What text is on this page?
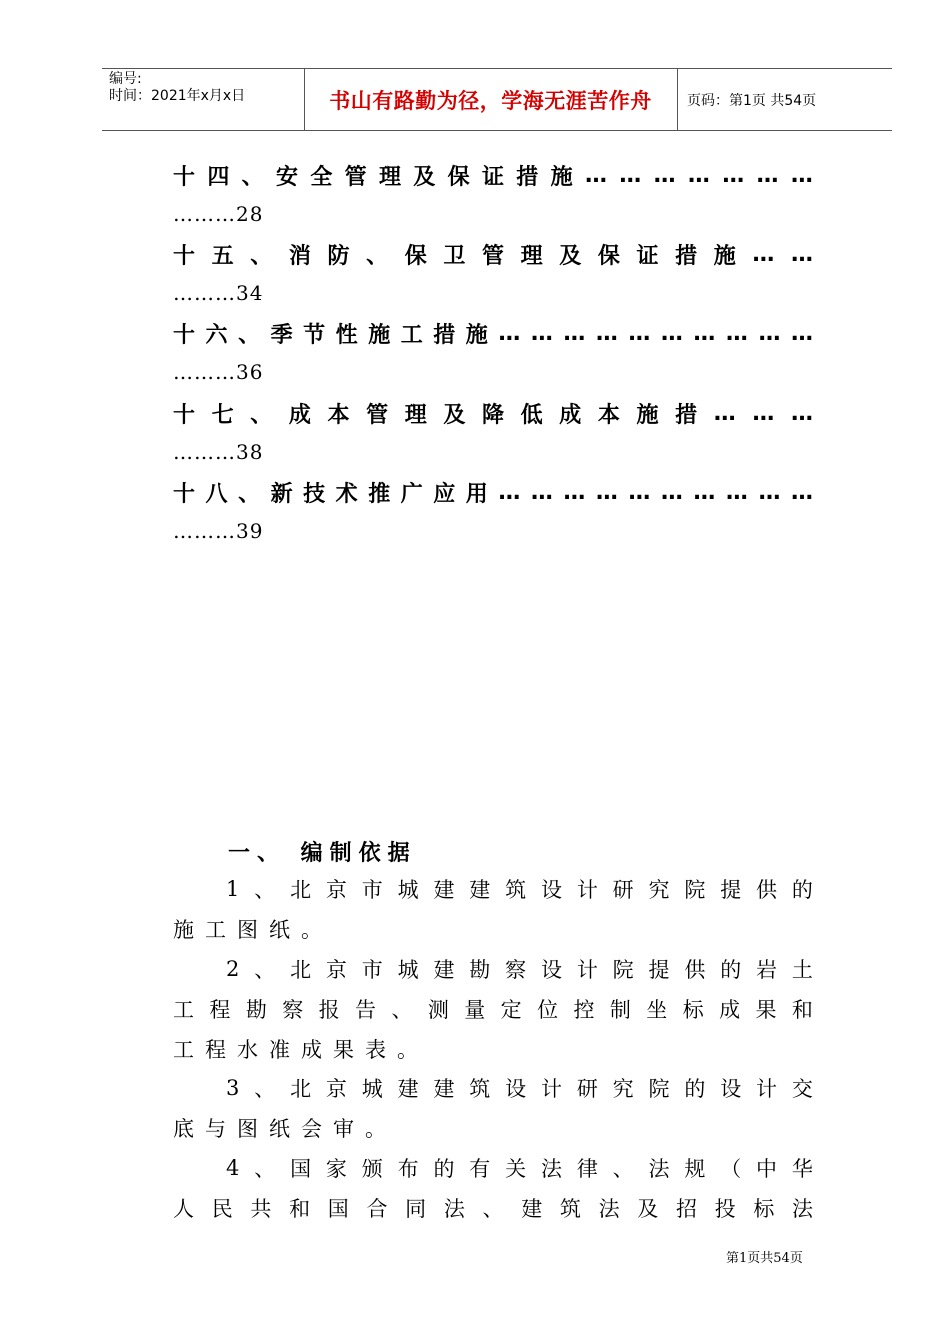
编号:
时间：2021年x月x日	书山有路勤为径，学海无涯苦作舟	页码：第1页 共54页
十 四 、 安 全 管 理 及 保 证 措 施 … … … … … … …
………28
十 五 、 消 防 、 保 卫 管 理 及 保 证 措 施 … …
………34
十 六 、 季 节 性 施 工 措 施 … … … … … … … … … …
………36
十 七 、 成 本 管 理 及 降 低 成 本 施 措 … … …
………38
十 八 、 新 技 术 推 广 应 用 … … … … … … … … … …
………39
一、 编制依据
1 、 北 京 市 城 建 建 筑 设 计 研 究 院 提 供 的
施工图纸。
2 、 北 京 市 城 建 勘 察 设 计 院 提 供 的 岩 土
工 程 勘 察 报 告 、 测 量 定 位 控 制 坐 标 成 果 和
工程水准成果表。
3 、 北 京 城 建 建 筑 设 计 研 究 院 的 设 计 交
底与图纸会审。
4 、 国 家 颁 布 的 有 关 法 律 、 法 规 （ 中 华
人 民 共 和 国 合 同 法 、 建 筑 法 及 招 投 标 法
第1页共54页
